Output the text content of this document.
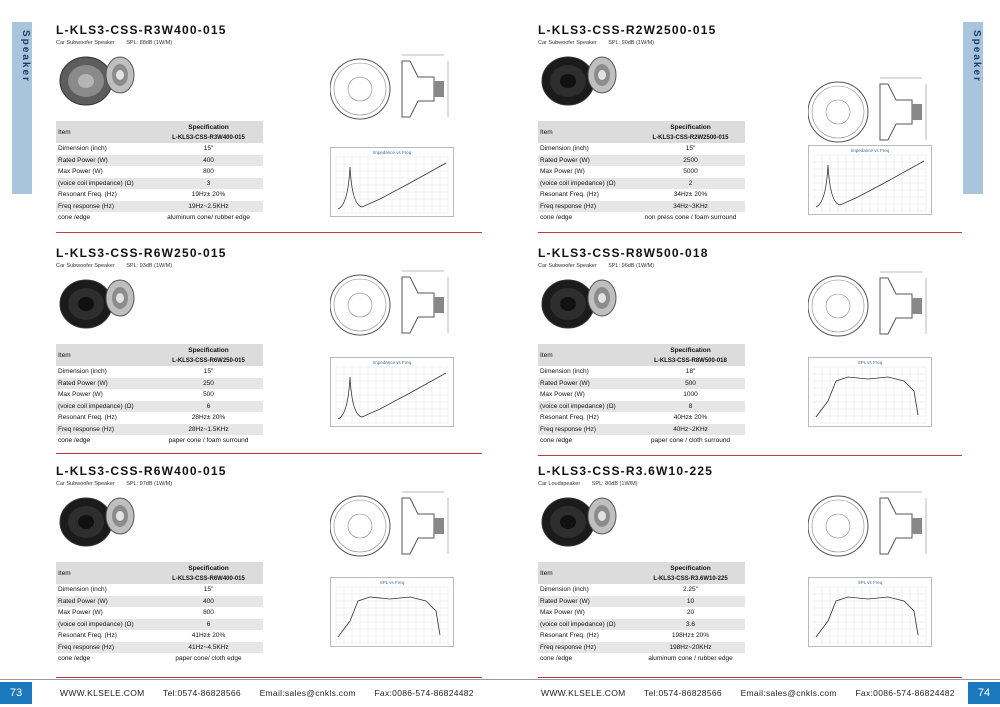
Speaker	Speaker
L-KLS3-CSS-R3W400-015
Car Subwoofer Speaker SPL: 88dB (1W/M)
Item	Specification
	L-KLS3-CSS-R3W400-015
Dimension (inch)	15"
Rated Power (W)	400
Max Power (W)	800
(voice coil impedance) (Ω)	3
Resonant Freq. (Hz)	19Hz± 20%
Freq response (Hz)	19Hz~2.5KHz
cone /edge	aluminum cone/ rubber edge
Impedance vs Freq
L-KLS3-CSS-R2W2500-015
Car Subwoofer Speaker SPL: 90dB (1W/M)
Item	Specification
	L-KLS3-CSS-R2W2500-015
Dimension (inch)	15"
Rated Power (W)	2500
Max Power (W)	5000
(voice coil impedance) (Ω)	2
Resonant Freq. (Hz)	34Hz± 20%
Freq response (Hz)	34Hz~3KHz
cone /edge	non press cone / foam surround
Impedance vs Freq
L-KLS3-CSS-R6W250-015
Car Subwoofer Speaker SPL: 93dB (1W/M)
Item	Specification
	L-KLS3-CSS-R6W250-015
Dimension (inch)	15"
Rated Power (W)	250
Max Power (W)	500
(voice coil impedance) (Ω)	6
Resonant Freq. (Hz)	28Hz± 20%
Freq response (Hz)	28Hz~1.5KHz
cone /edge	paper cone / foam surround
Impedance vs Freq
L-KLS3-CSS-R8W500-018
Car Subwoofer Speaker SPL: 96dB (1W/M)
Item	Specification
	L-KLS3-CSS-R8W500-018
Dimension (inch)	18"
Rated Power (W)	500
Max Power (W)	1000
(voice coil impedance) (Ω)	8
Resonant Freq. (Hz)	40Hz± 20%
Freq response (Hz)	40Hz~2KHz
cone /edge	paper cone / cloth surround
SPL vs Freq
L-KLS3-CSS-R6W400-015
Car Subwoofer Speaker SPL: 97dB (1W/M)
Item	Specification
	L-KLS3-CSS-R6W400-015
Dimension (inch)	15"
Rated Power (W)	400
Max Power (W)	800
(voice coil impedance) (Ω)	6
Resonant Freq. (Hz)	41Hz± 20%
Freq response (Hz)	41Hz~4.5KHz
cone /edge	paper cone/ cloth edge
SPL vs Freq
L-KLS3-CSS-R3.6W10-225
Car Loudspeaker SPL: 80dB (1W/M)
Item	Specification
	L-KLS3-CSS-R3.6W10-225
Dimension (inch)	2.25"
Rated Power (W)	10
Max Power (W)	20
(voice coil impedance) (Ω)	3.6
Resonant Freq. (Hz)	198Hz± 20%
Freq response (Hz)	198Hz~20KHz
cone /edge	aluminum cone / rubber edge
SPL vs Freq
73	74
WWW.KLSELE.COM Tel:0574-86828566 Email:sales@cnkls.com Fax:0086-574-86824482	WWW.KLSELE.COM Tel:0574-86828566 Email:sales@cnkls.com Fax:0086-574-86824482
